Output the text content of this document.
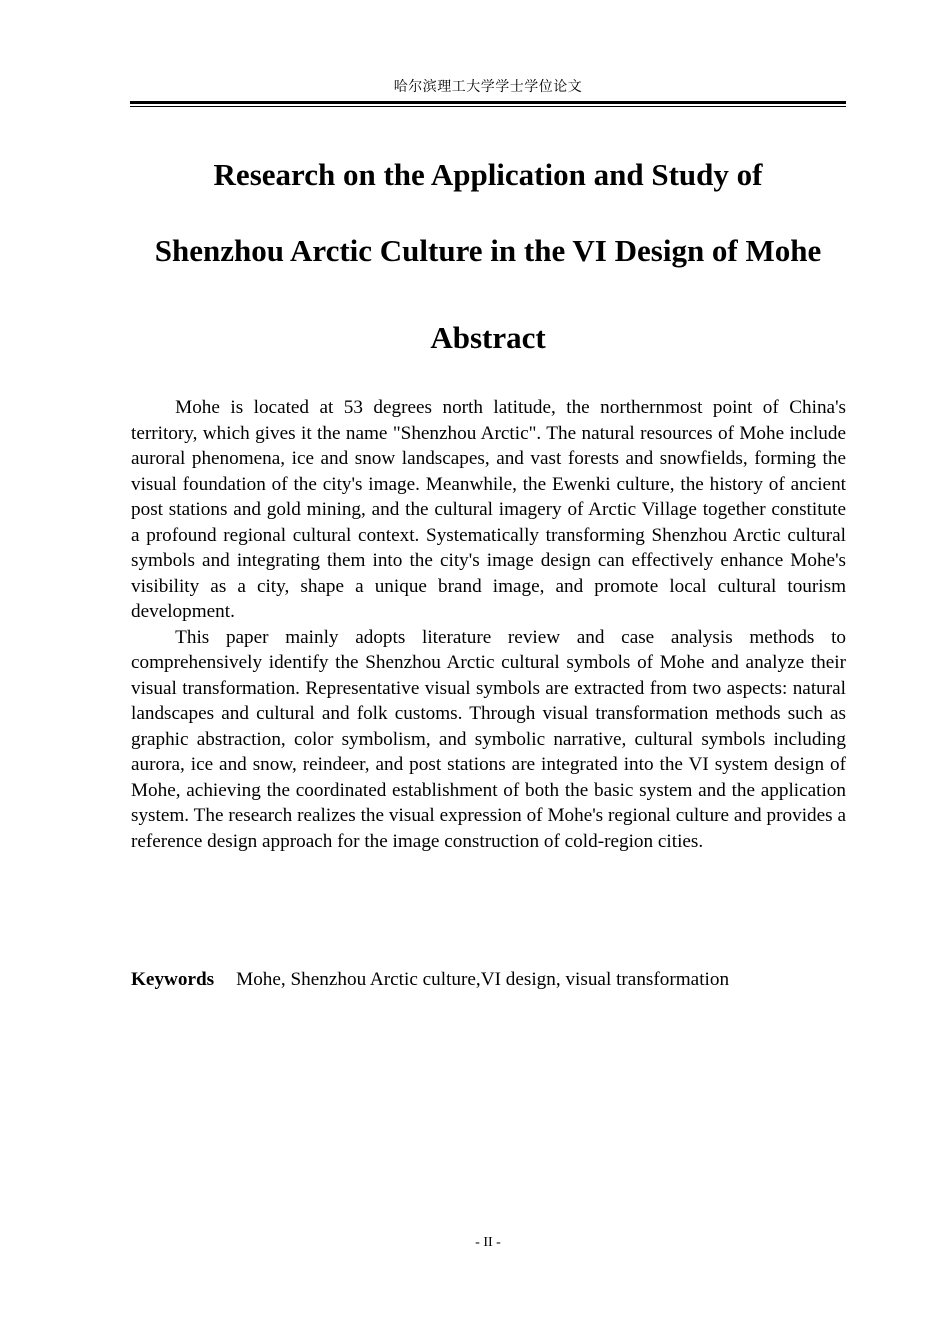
哈尔滨理工大学学士学位论文
Research on the Application and Study of
Shenzhou Arctic Culture in the VI Design of Mohe
Abstract

Mohe is located at 53 degrees north latitude, the northernmost point of China's territory, which gives it the name "Shenzhou Arctic". The natural resources of Mohe include auroral phenomena, ice and snow landscapes, and vast forests and snowfields, forming the visual foundation of the city's image. Meanwhile, the Ewenki culture, the history of ancient post stations and gold mining, and the cultural imagery of Arctic Village together constitute a profound regional cultural context. Systematically transforming Shenzhou Arctic cultural symbols and integrating them into the city's image design can effectively enhance Mohe's visibility as a city, shape a unique brand image, and promote local cultural tourism development.

This paper mainly adopts literature review and case analysis methods to comprehensively identify the Shenzhou Arctic cultural symbols of Mohe and analyze their visual transformation. Representative visual symbols are extracted from two aspects: natural landscapes and cultural and folk customs. Through visual transformation methods such as graphic abstraction, color symbolism, and symbolic narrative, cultural symbols including aurora, ice and snow, reindeer, and post stations are integrated into the VI system design of Mohe, achieving the coordinated establishment of both the basic system and the application system. The research realizes the visual expression of Mohe's regional culture and provides a reference design approach for the image construction of cold-region cities.

Keywords Mohe, Shenzhou Arctic culture,VI design, visual transformation
- II -
